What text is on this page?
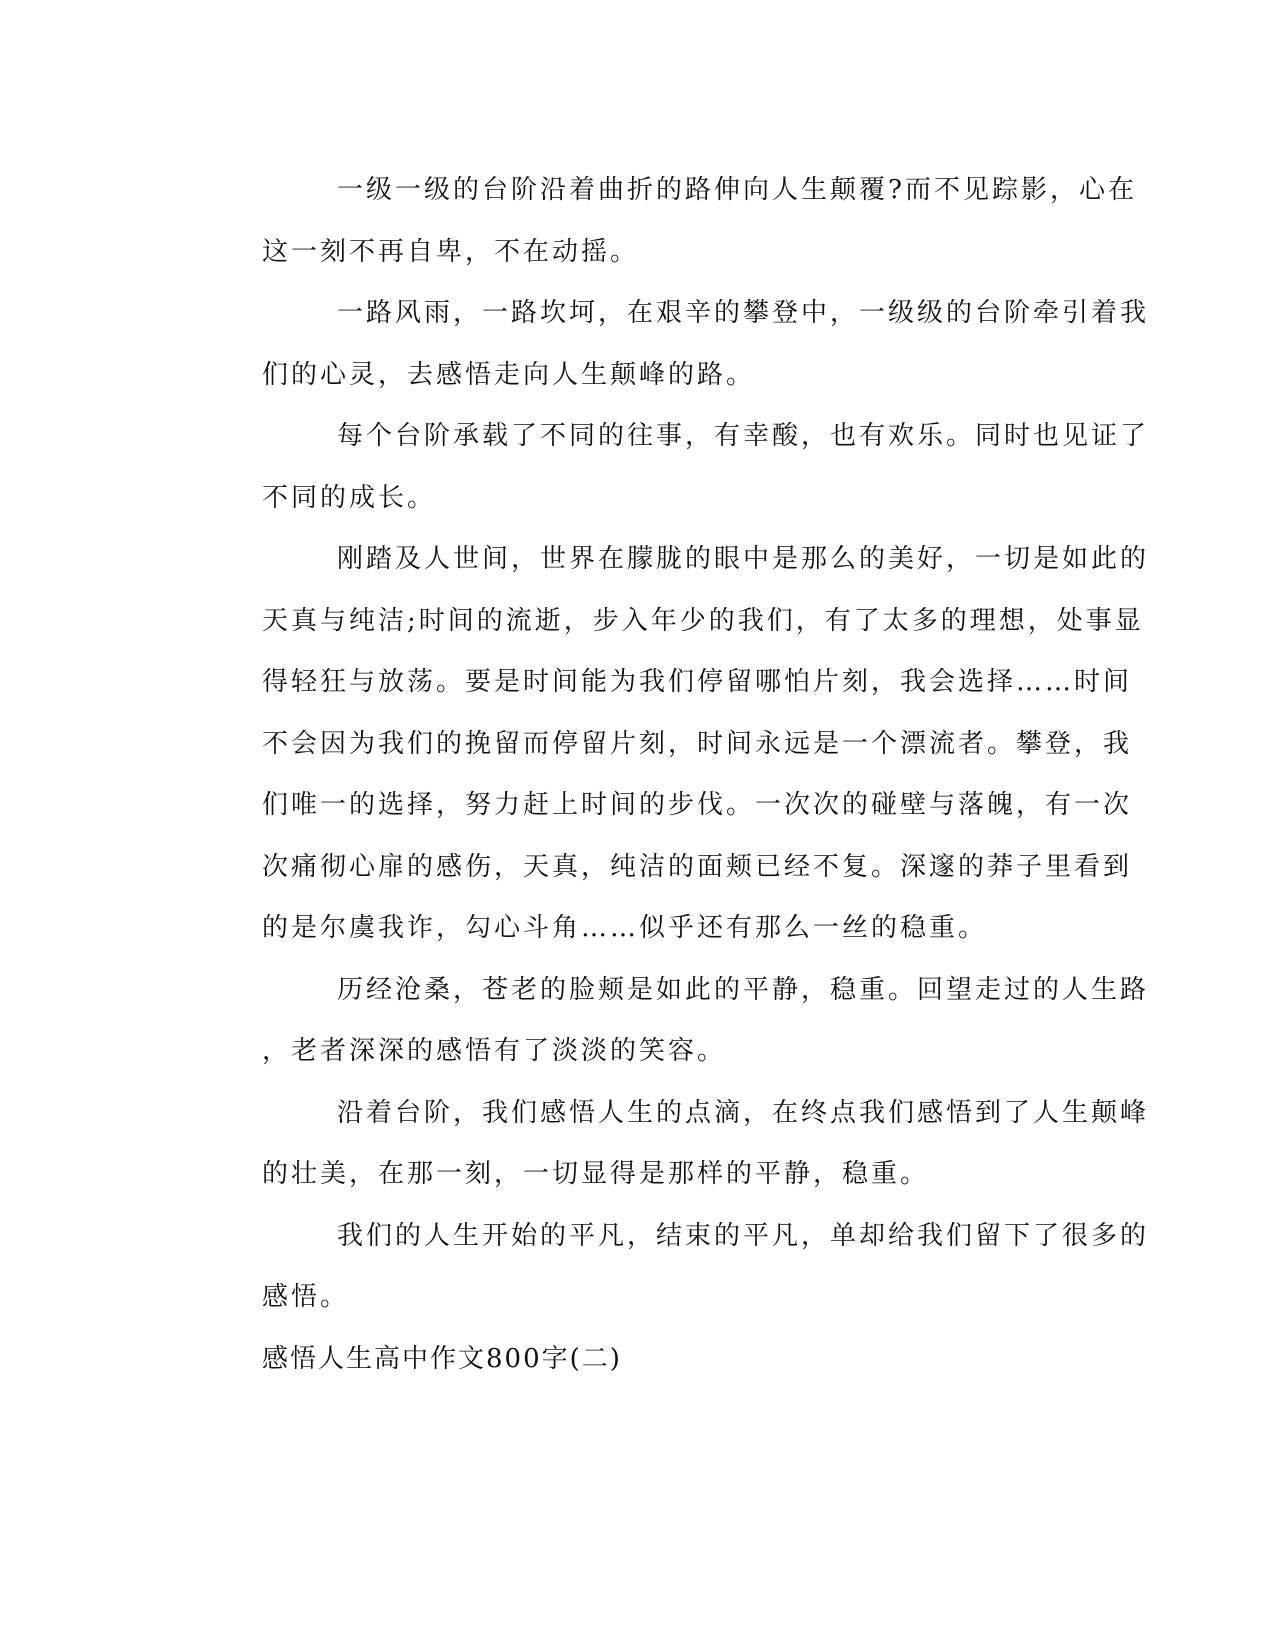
一级一级的台阶沿着曲折的路伸向人生颠覆?而不见踪影，心在
这一刻不再自卑，不在动摇。
一路风雨，一路坎坷，在艰辛的攀登中，一级级的台阶牵引着我
们的心灵，去感悟走向人生颠峰的路。
每个台阶承载了不同的往事，有幸酸，也有欢乐。同时也见证了
不同的成长。
刚踏及人世间，世界在朦胧的眼中是那么的美好，一切是如此的
天真与纯洁;时间的流逝，步入年少的我们，有了太多的理想，处事显
得轻狂与放荡。要是时间能为我们停留哪怕片刻，我会选择……时间
不会因为我们的挽留而停留片刻，时间永远是一个漂流者。攀登，我
们唯一的选择，努力赶上时间的步伐。一次次的碰壁与落魄，有一次
次痛彻心扉的感伤，天真，纯洁的面颊已经不复。深邃的莽子里看到
的是尔虞我诈，勾心斗角……似乎还有那么一丝的稳重。
历经沧桑，苍老的脸颊是如此的平静，稳重。回望走过的人生路
，老者深深的感悟有了淡淡的笑容。
沿着台阶，我们感悟人生的点滴，在终点我们感悟到了人生颠峰
的壮美，在那一刻，一切显得是那样的平静，稳重。
我们的人生开始的平凡，结束的平凡，单却给我们留下了很多的
感悟。
感悟人生高中作文800字(二)
